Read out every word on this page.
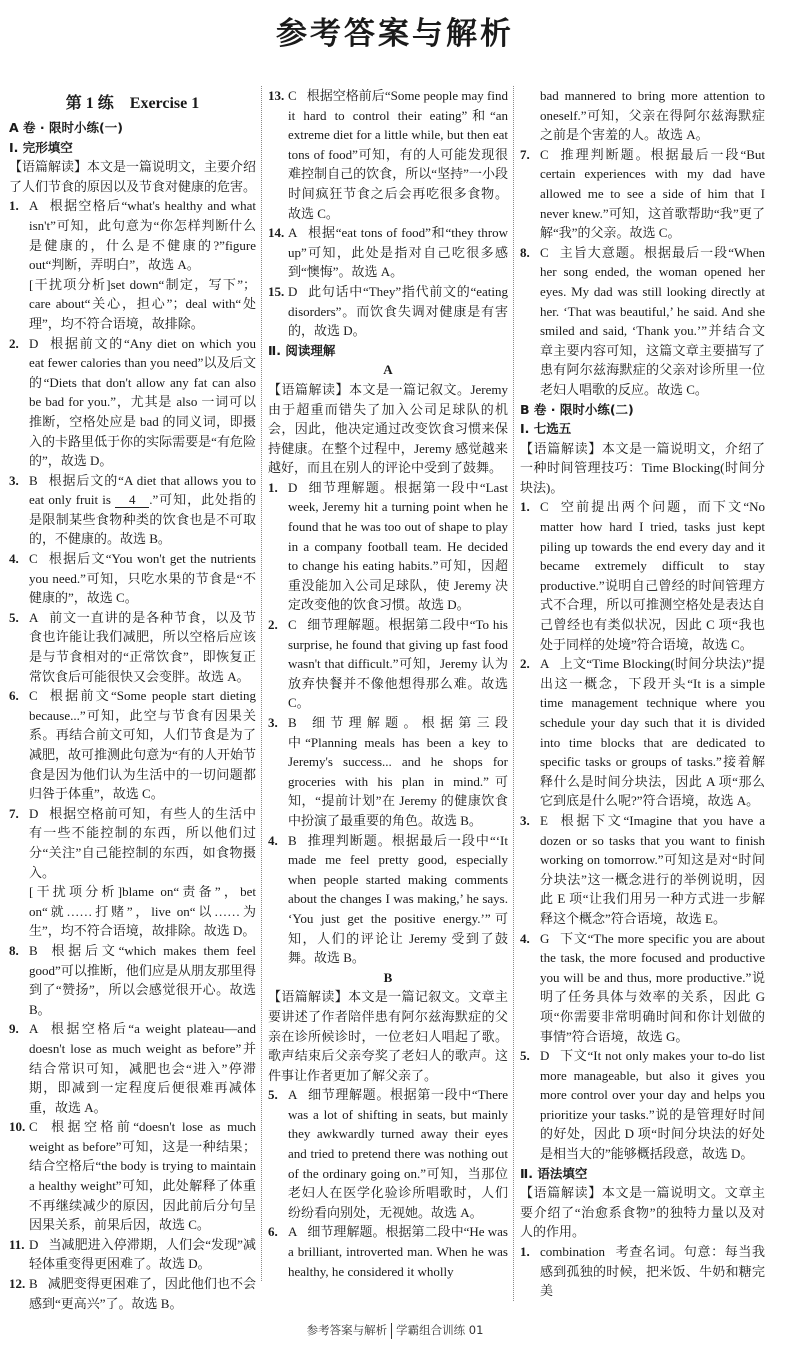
参考答案与解析
第 1 练　Exercise 1
A 卷 · 限时小练(一)
Ⅰ. 完形填空
【语篇解读】本文是一篇说明文，主要介绍了人们节食的原因以及节食对健康的危害。
1. A 根据空格后“what's healthy and what isn't”可知，此句意为“你怎样判断什么是健康的，什么是不健康的?”figure out“判断，弄明白”，故选 A。
[干扰项分析]set down“制定，写下”；care about“关心，担心”；deal with“处理”，均不符合语境，故排除。
2. D 根据前文的“Any diet on which you eat fewer calories than you need”以及后文的“Diets that don't allow any fat can also be bad for you.”，尤其是 also 一词可以推断，空格处应是 bad 的同义词，即摄入的卡路里低于你的实际需要是“有危险的”，故选 D。
3. B 根据后文的“A diet that allows you to eat only fruit is 4 .”可知，此处指的是限制某些食物种类的饮食也是不可取的，不健康的。故选 B。
4. C 根据后文“You won't get the nutrients you need.”可知，只吃水果的节食是“不健康的”，故选 C。
5. A 前文一直讲的是各种节食，以及节食也许能让我们减肥，所以空格后应该是与节食相对的“正常饮食”，即恢复正常饮食后可能很快又会变胖。故选 A。
6. C 根据前文“Some people start dieting because...”可知，此空与节食有因果关系。再结合前文可知，人们节食是为了减肥，故可推测此句意为“有的人开始节食是因为他们认为生活中的一切问题都归咎于体重”，故选 C。
7. D 根据空格前可知，有些人的生活中有一些不能控制的东西，所以他们过分“关注”自己能控制的东西，如食物摄入。
[干扰项分析]blame on“责备”，bet on“就……打赌”，live on“以……为生”，均不符合语境，故排除。故选 D。
8. B 根据后文“which makes them feel good”可以推断，他们应是从朋友那里得到了“赞扬”，所以会感觉很开心。故选 B。
9. A 根据空格后“a weight plateau—and doesn't lose as much weight as before”并结合常识可知，减肥也会“进入”停滞期，即减到一定程度后便很难再减体重，故选 A。
10. C 根据空格前“doesn't lose as much weight as before”可知，这是一种结果；结合空格后“the body is trying to maintain a healthy weight”可知，此处解释了体重不再继续减少的原因，因此前后分句呈因果关系，前果后因，故选 C。
11. D 当减肥进入停滞期，人们会“发现”减轻体重变得更困难了。故选 D。
12. B 减肥变得更困难了，因此他们也不会感到“更高兴”了。故选 B。
13. C 根据空格前后“Some people may find it hard to control their eating”和“an extreme diet for a little while, but then eat tons of food”可知，有的人可能发现很难控制自己的饮食，所以“坚持”一小段时间疯狂节食之后会再吃很多食物。故选 C。
14. A 根据“eat tons of food”和“they throw up”可知，此处是指对自己吃很多感到“懊悔”。故选 A。
15. D 此句话中“They”指代前文的“eating disorders”。而饮食失调对健康是有害的，故选 D。
Ⅱ. 阅读理解
A
【语篇解读】本文是一篇记叙文。Jeremy 由于超重而错失了加入公司足球队的机会，因此，他决定通过改变饮食习惯来保持健康。在整个过程中，Jeremy 感觉越来越好，而且在别人的评论中受到了鼓舞。
1. D 细节理解题。根据第一段中“Last week, Jeremy hit a turning point when he found that he was too out of shape to play in a company football team. He decided to change his eating habits.”可知，因超重没能加入公司足球队，使 Jeremy 决定改变他的饮食习惯。故选 D。
2. C 细节理解题。根据第二段中“To his surprise, he found that giving up fast food wasn't that difficult.”可知，Jeremy 认为放弃快餐并不像他想得那么难。故选 C。
3. B 细节理解题。根据第三段中“Planning meals has been a key to Jeremy's success... and he shops for groceries with his plan in mind.”可知，“提前计划”在 Jeremy 的健康饮食中扮演了最重要的角色。故选 B。
4. B 推理判断题。根据最后一段中“‘It made me feel pretty good, especially when people started making comments about the changes I was making,’ he says. ‘You just get the positive energy.’”可知，人们的评论让 Jeremy 受到了鼓舞。故选 B。
B
【语篇解读】本文是一篇记叙文。文章主要讲述了作者陪伴患有阿尔兹海默症的父亲在诊所候诊时，一位老妇人唱起了歌。歌声结束后父亲夸奖了老妇人的歌声。这件事让作者更加了解父亲了。
5. A 细节理解题。根据第一段中“There was a lot of shifting in seats, but mainly they awkwardly turned away their eyes and tried to pretend there was nothing out of the ordinary going on.”可知，当那位老妇人在医学化验诊所唱歌时，人们纷纷看向别处，无视她。故选 A。
6. A 细节理解题。根据第二段中“He was a brilliant, introverted man. When he was healthy, he considered it wholly
bad mannered to bring more attention to oneself.”可知，父亲在得阿尔兹海默症之前是个害羞的人。故选 A。
7. C 推理判断题。根据最后一段“But certain experiences with my dad have allowed me to see a side of him that I never knew.”可知，这首歌帮助“我”更了解“我”的父亲。故选 C。
8. C 主旨大意题。根据最后一段“When her song ended, the woman opened her eyes. My dad was still looking directly at her. ‘That was beautiful,’ he said. And she smiled and said, ‘Thank you.’”并结合文章主要内容可知，这篇文章主要描写了患有阿尔兹海默症的父亲对诊所里一位老妇人唱歌的反应。故选 C。
B 卷 · 限时小练(二)
Ⅰ. 七选五
【语篇解读】本文是一篇说明文，介绍了一种时间管理技巧：Time Blocking(时间分块法)。
1. C 空前提出两个问题，而下文“No matter how hard I tried, tasks just kept piling up towards the end every day and it became extremely difficult to stay productive.”说明自己曾经的时间管理方式不合理，所以可推测空格处是表达自己曾经也有类似状况，因此 C 项“我也处于同样的处境”符合语境，故选 C。
2. A 上文“Time Blocking(时间分块法)”提出这一概念，下段开头“It is a simple time management technique where you schedule your day such that it is divided into time blocks that are dedicated to specific tasks or groups of tasks.”接着解释什么是时间分块法，因此 A 项“那么它到底是什么呢?”符合语境，故选 A。
3. E 根据下文“Imagine that you have a dozen or so tasks that you want to finish working on tomorrow.”可知这是对“时间分块法”这一概念进行的举例说明，因此 E 项“让我们用另一种方式进一步解释这个概念”符合语境，故选 E。
4. G 下文“The more specific you are about the task, the more focused and productive you will be and thus, more productive.”说明了任务具体与效率的关系，因此 G 项“你需要非常明确时间和你计划做的事情”符合语境，故选 G。
5. D 下文“It not only makes your to-do list more manageable, but also it gives you more control over your day and helps you prioritize your tasks.”说的是管理好时间的好处，因此 D 项“时间分块法的好处是相当大的”能够概括段意，故选 D。
Ⅱ. 语法填空
【语篇解读】本文是一篇说明文。文章主要介绍了“治愈系食物”的独特力量以及对人的作用。
1. combination 考查名词。句意：每当我感到孤独的时候，把米饭、牛奶和糖完美
参考答案与解析 学霸组合训练 01
